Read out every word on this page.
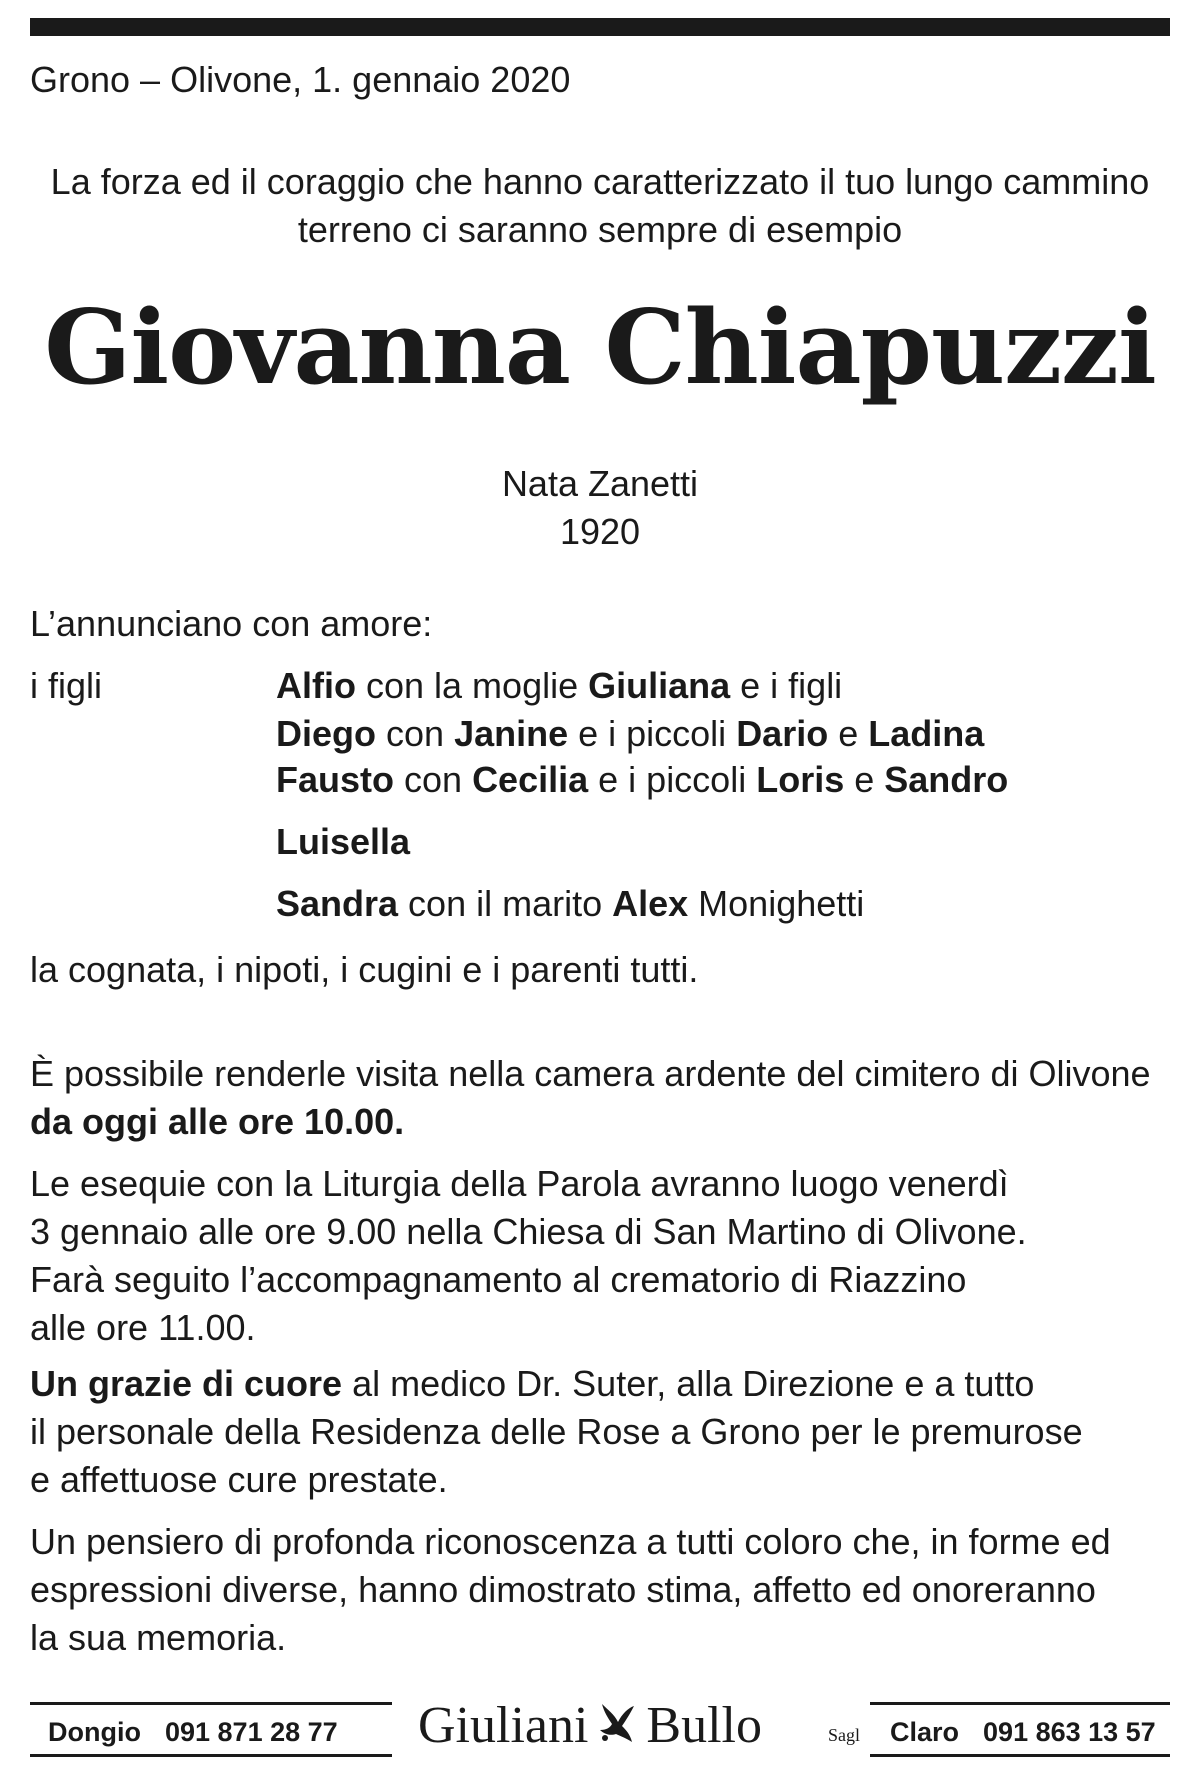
Grono – Olivone, 1. gennaio 2020
La forza ed il coraggio che hanno caratterizzato il tuo lungo cammino
terreno ci saranno sempre di esempio
Giovanna Chiapuzzi
Nata Zanetti
1920
L’annunciano con amore:
i figli	Alfio con la moglie Giuliana e i figli
Diego con Janine e i piccoli Dario e Ladina
Fausto con Cecilia e i piccoli Loris e Sandro
Luisella
Sandra con il marito Alex Monighetti
la cognata, i nipoti, i cugini e i parenti tutti.
È possibile renderle visita nella camera ardente del cimitero di Olivone
da oggi alle ore 10.00.
Le esequie con la Liturgia della Parola avranno luogo venerdì
3 gennaio alle ore 9.00 nella Chiesa di San Martino di Olivone.
Farà seguito l’accompagnamento al crematorio di Riazzino
alle ore 11.00.
Un grazie di cuore al medico Dr. Suter, alla Direzione e a tutto
il personale della Residenza delle Rose a Grono per le premurose
e affettuose cure prestate.
Un pensiero di profonda riconoscenza a tutti coloro che, in forme ed
espressioni diverse, hanno dimostrato stima, affetto ed onoreranno
la sua memoria.
Dongio 091 871 28 77 Giuliani Bullo	Sagl Claro 091 863 13 57
